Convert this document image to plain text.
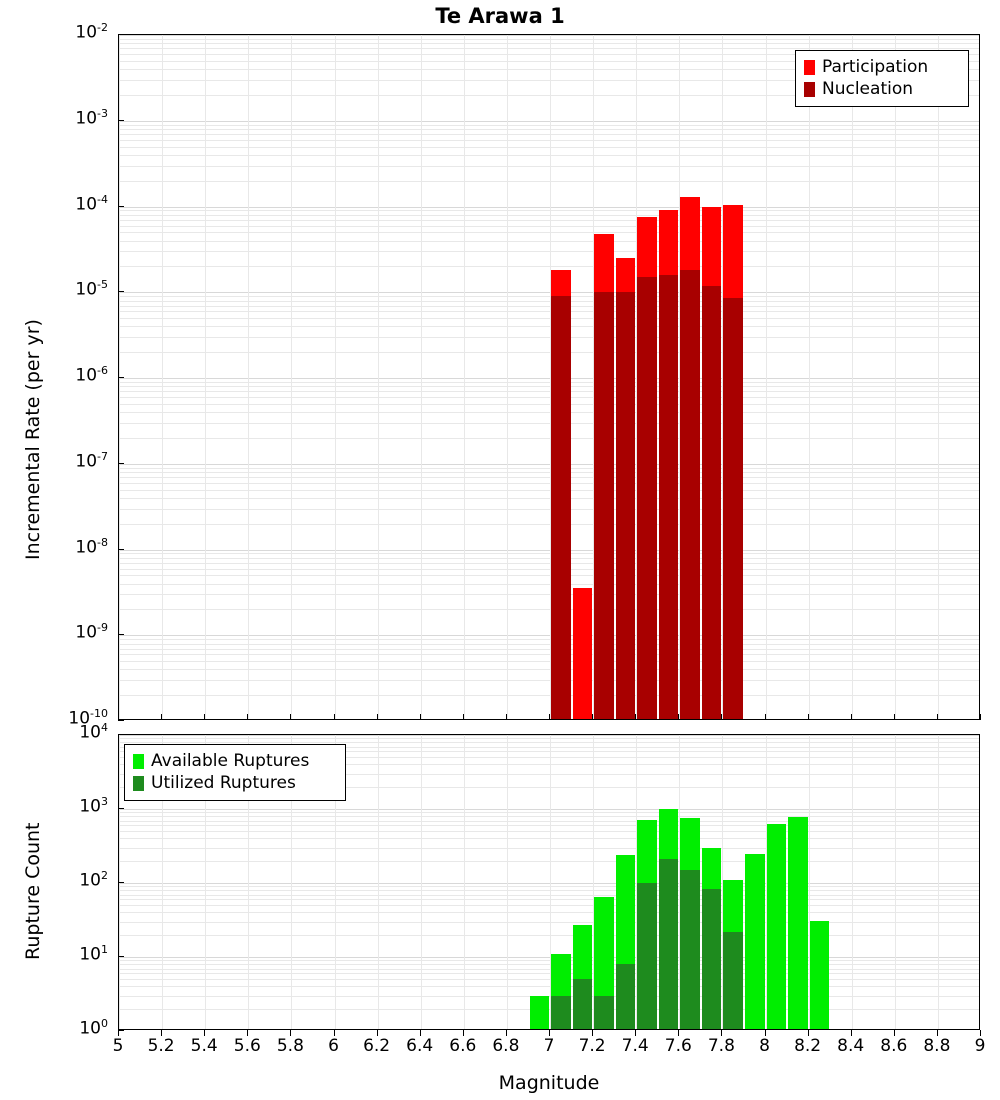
Te Arawa 1
$10^{-2}$
$10^{-3}$
$10^{-4}$
$10^{-5}$
$10^{-6}$
$10^{-7}$
$10^{-8}$
$10^{-9}$
$10^{-10}$
Incremental Rate (per yr)
Participation
Nucleation
$10^4$
$10^3$
$10^2$
$10^1$
$10^0$
5	5.2 5.4 5.6 5.8	6	6.2 6.4 6.6 6.8	7	7.2 7.4 7.6 7.8	8	8.2 8.4 8.6 8.8	9
Rupture Count
Magnitude
Available Ruptures
Utilized Ruptures
